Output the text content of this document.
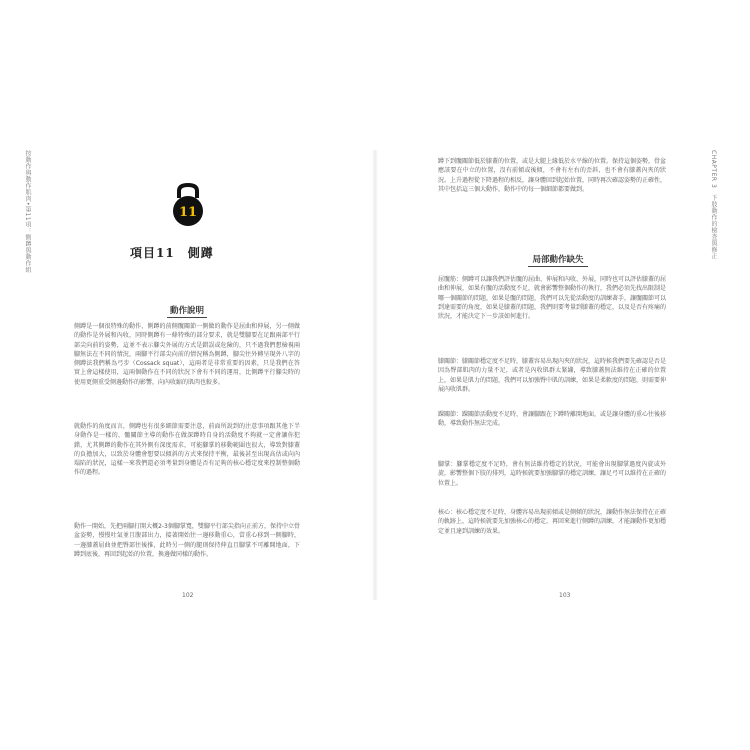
按動作與動作肌肉•第11項：側蹲與動作組	11
項目11　側蹲
動作說明

側蹲是一個很特殊的動作，側蹲的前側髖關節一側做的動作是屈曲和伸展，另一側做的動作是外展和內收，同時側蹲有一條特殊的部分要求，就是雙腳要在足跟兩部平行部尖向前的姿勢，這並不表示腳尖外展的方式是錯誤或危險的，只不過我們想檢視兩腳無法在不同的情況，兩腳平行部尖向前的情況稱為側蹲，腳尖往外轉呈現外八字的側蹲法我們稱為弓步（Cossack squat），這兩者是非常重要的因素，只是我們在答實上會這樣使用，這兩個動作在不同的狀況下會有不同的運用，比側蹲平行腳尖時的使用更側重受側邊動作的影響，向內收縮的肌肉也較多。

就動作的角度而言，側蹲也有很多細節需要注意，前面所說到的注意事項跟其他下半身動作是一樣的，髖關節主導的動作在做深蹲時自身的活動度不夠就一定會讓你犯錯，尤其側蹲的動作在其外側有深度需求，可能腳掌的移動範圍也很大，導致對膝蓋的負擔加大，以致於身體會想要以傾斜的方式來保持平衡，最後甚至出現高估或向內塌陷的狀況，這樣一來我們還必須考量到身體是否有足夠的核心穩定度來控制整個動作的過程。

動作一開始，先把兩腳打開大概2-3個腳掌寬，雙腳平行部尖指向正前方，保持中立骨盆姿勢，慢慢吐氣並且腹部出力，接著開始往一邊移動重心，當重心移到一側腳時，一邊膝蓋屈曲並把臀部往後推，此時另一側的腿則保持伸直且腳掌不可離開地面，下蹲到底後，再回到起始的位置，換邊做同樣的動作。

102
CHAPTER 3　下肢動作的檢查與修正

蹲下到髖關節低於膝蓋的位置，或是大腿上緣低於水平線的位置。保持這個姿勢，骨盆應該要在中立的位置，沒有前傾或後傾，不會有左右的歪斜，也不會有膝蓋內夾的狀況。上升過程從下降過程的相反，讓身體回到起始位置，同時再次確認姿勢的正確性，其中包括這三個大動作，動作中的每一個細節都要做到。

局部動作缺失

屈髖筋：側蹲可以讓我們評估髖的屈曲、伸展和內收、外展，同時也可以評估膝蓋的屈曲和伸展，如果有髖的活動度不足，就會影響整個動作的執行，我們必須先找出限制是哪一個關節的問題，如果是髖的問題，我們可以先從活動度的訓練著手，讓髖關節可以到達需要的角度，如果是膝蓋的問題，我們則要考量到膝蓋的穩定，以及是否有疼痛的狀況，才能決定下一步該如何進行。

膝關節：膝關節穩定度不足時，膝蓋容易出現內夾的狀況，這時候我們要先確認是否是因為臀部肌肉的力量不足，或者是內收肌群太緊繃，導致膝蓋無法維持在正確的位置上，如果是肌力的問題，我們可以加強臀中肌的訓練，如果是柔軟度的問題，則需要伸展內收肌群。

踝關節：踝關節活動度不足時，會讓腳跟在下蹲時離開地面，或是讓身體的重心往後移動，導致動作無法完成。

腳掌：腳掌穩定度不足時，會有無法維持穩定的狀況，可能會出現腳掌過度內旋或外旋，影響整個下肢的排列，這時候就要加強腳掌的穩定訓練，讓足弓可以維持在正確的位置上。

核心：核心穩定度不足時，身體容易出現前傾或是側傾的狀況，讓動作無法保持在正確的軌跡上，這時候就要先加強核心的穩定，再回來進行側蹲的訓練，才能讓動作更加穩定並且達到訓練的效果。

103
